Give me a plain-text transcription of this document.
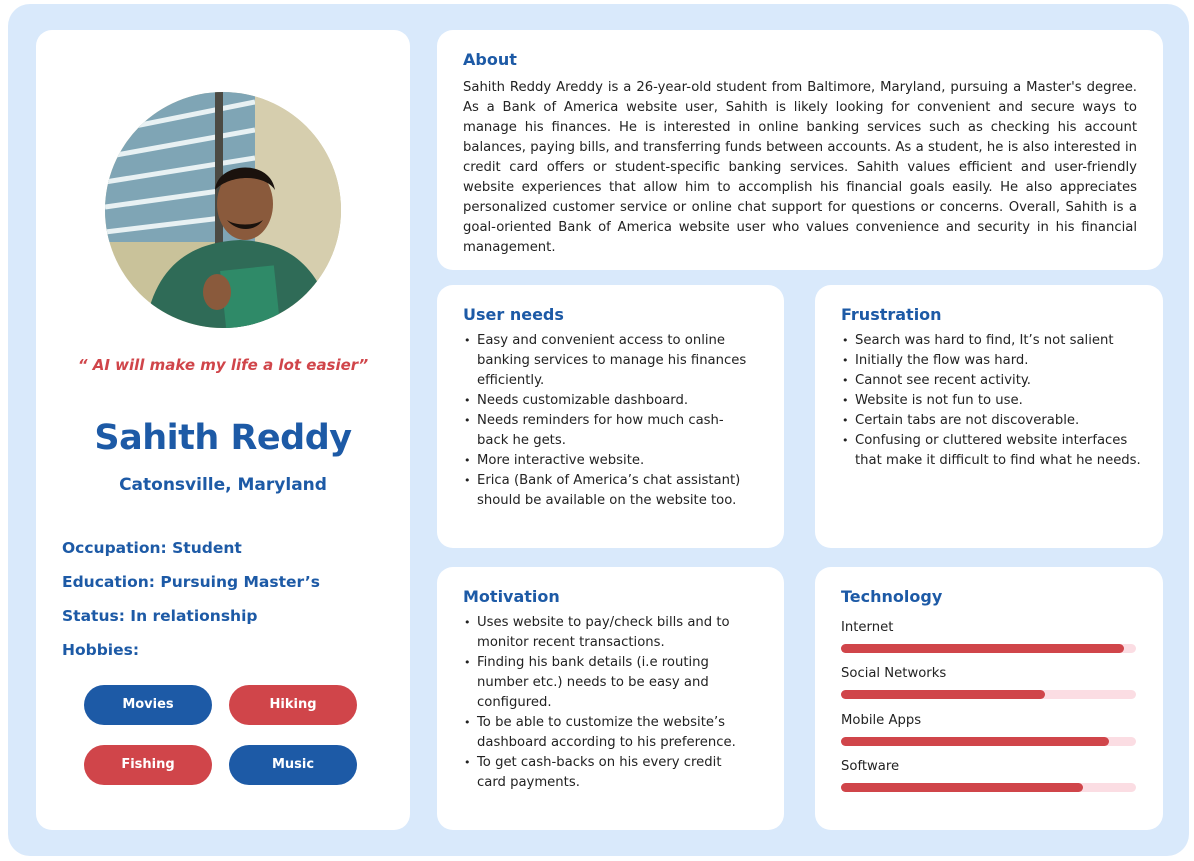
“ AI will make my life a lot easier”
Sahith Reddy
Catonsville, Maryland
Occupation: Student
Education: Pursuing Master’s
Status: In relationship
Hobbies:
Movies	Hiking
Fishing	Music
About
Sahith Reddy Areddy is a 26-year-old student from Baltimore, Maryland, pursuing a Master's degree. As a Bank of America website user, Sahith is likely looking for convenient and secure ways to manage his finances. He is interested in online banking services such as checking his account balances, paying bills, and transferring funds between accounts. As a student, he is also interested in credit card offers or student-specific banking services. Sahith values efficient and user-friendly website experiences that allow him to accomplish his financial goals easily. He also appreciates personalized customer service or online chat support for questions or concerns. Overall, Sahith is a goal-oriented Bank of America website user who values convenience and security in his financial management.
User needs
• Easy and convenient access to online banking services to manage his finances efficiently.
• Needs customizable dashboard.
• Needs reminders for how much cash-back he gets.
• More interactive website.
• Erica (Bank of America’s chat assistant) should be available on the website too.
Frustration
• Search was hard to find, It’s not salient
• Initially the flow was hard.
• Cannot see recent activity.
• Website is not fun to use.
• Certain tabs are not discoverable.
• Confusing or cluttered website interfaces that make it difficult to find what he needs.
Motivation
• Uses website to pay/check bills and to monitor recent transactions.
• Finding his bank details (i.e routing number etc.) needs to be easy and configured.
• To be able to customize the website’s dashboard according to his preference.
• To get cash-backs on his every credit card payments.
Technology
Internet
Social Networks
Mobile Apps
Software
